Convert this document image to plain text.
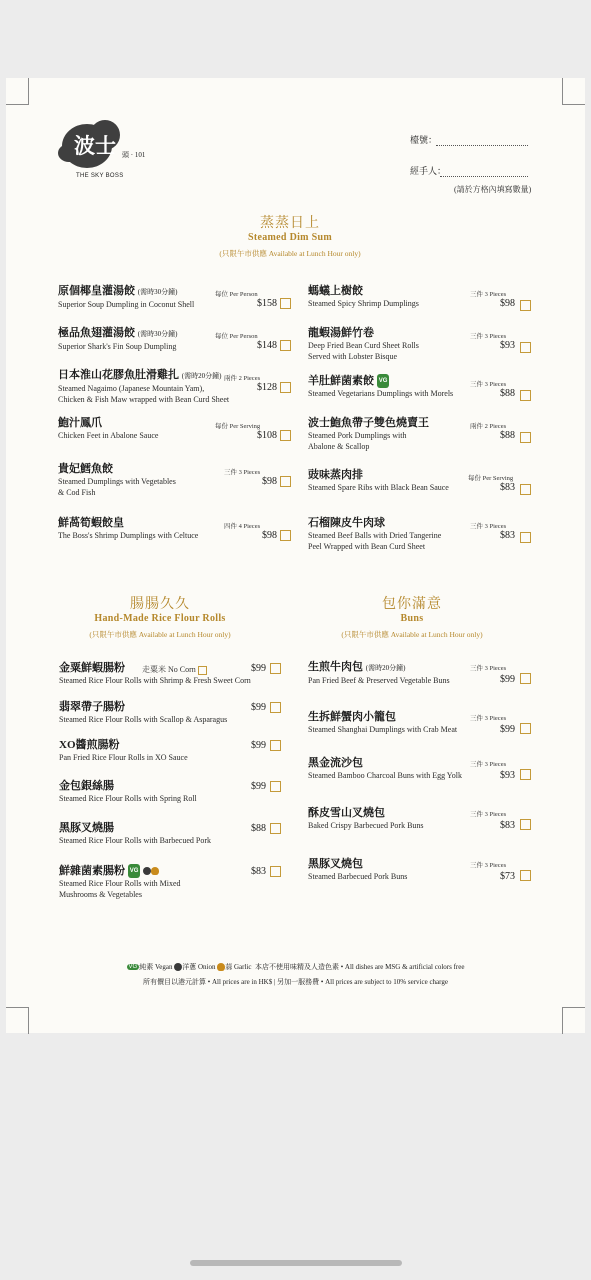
波士 頭 · 101
THE SKY BOSS
檯號：
經手人：
(請於方格內填寫數量)
蒸蒸日上
Steamed Dim Sum
(只限午市供應 Available at Lunch Hour only)
原個椰皇灌湯餃 (需時30分鐘)
Superior Soup Dumpling in Coconut Shell
每位 Per Person
$158
極品魚翅灌湯餃 (需時30分鐘)
Superior Shark's Fin Soup Dumpling
每位 Per Person
$148
日本淮山花膠魚肚滑雞扎 (需時20分鐘)
Steamed Nagaimo (Japanese Mountain Yam),
Chicken & Fish Maw wrapped with Bean Curd Sheet
兩件 2 Pieces
$128
鮑汁鳳爪
Chicken Feet in Abalone Sauce
每份 Per Serving
$108
貴妃鱈魚餃
Steamed Dumplings with Vegetables
& Cod Fish
三件 3 Pieces
$98
鮮萵筍蝦餃皇
The Boss's Shrimp Dumplings with Celtuce
四件 4 Pieces
$98
螞蟻上樹餃
Steamed Spicy Shrimp Dumplings
三件 3 Pieces
$98
龍蝦湯鮮竹卷
Deep Fried Bean Curd Sheet Rolls
Served with Lobster Bisque
三件 3 Pieces
$93
羊肚鮮菌素餃 VG
Steamed Vegetarians Dumplings with Morels
三件 3 Pieces
$88
波士鮑魚帶子雙色燒賣王
Steamed Pork Dumplings with
Abalone & Scallop
兩件 2 Pieces
$88
豉味蒸肉排
Steamed Spare Ribs with Black Bean Sauce
每份 Per Serving
$83
石榴陳皮牛肉球
Steamed Beef Balls with Dried Tangerine
Peel Wrapped with Bean Curd Sheet
三件 3 Pieces
$83
腸腸久久
Hand-Made Rice Flour Rolls
(只限午市供應 Available at Lunch Hour only)
金粟鮮蝦腸粉
Steamed Rice Flour Rolls with Shrimp & Fresh Sweet Corn
走粟米 No Corn	$99
翡翠帶子腸粉
Steamed Rice Flour Rolls with Scallop & Asparagus
$99
XO醬煎腸粉
Pan Fried Rice Flour Rolls in XO Sauce
$99
金包銀絲腸
Steamed Rice Flour Rolls with Spring Roll
$99
黑豚叉燒腸
Steamed Rice Flour Rolls with Barbecued Pork
$88
鮮雜菌素腸粉 VG
Steamed Rice Flour Rolls with Mixed
Mushrooms & Vegetables
$83
包你滿意
Buns
(只限午市供應 Available at Lunch Hour only)
生煎牛肉包 (需時20分鐘)
Pan Fried Beef & Preserved Vegetable Buns
三件 3 Pieces
$99
生拆鮮蟹肉小籠包
Steamed Shanghai Dumplings with Crab Meat
三件 3 Pieces
$99
黑金流沙包
Steamed Bamboo Charcoal Buns with Egg Yolk
三件 3 Pieces
$93
酥皮雪山叉燒包
Baked Crispy Barbecued Pork Buns
三件 3 Pieces
$83
黑豚叉燒包
Steamed Barbecued Pork Buns
三件 3 Pieces
$73
VG 純素 Vegan 洋蔥 Onion 蒜 Garlic 本店不使用味精及人造色素 • All dishes are MSG & artificial colors free
所有價目以港元計算 • All prices are in HK$ | 另加一服務費 • All prices are subject to 10% service charge
